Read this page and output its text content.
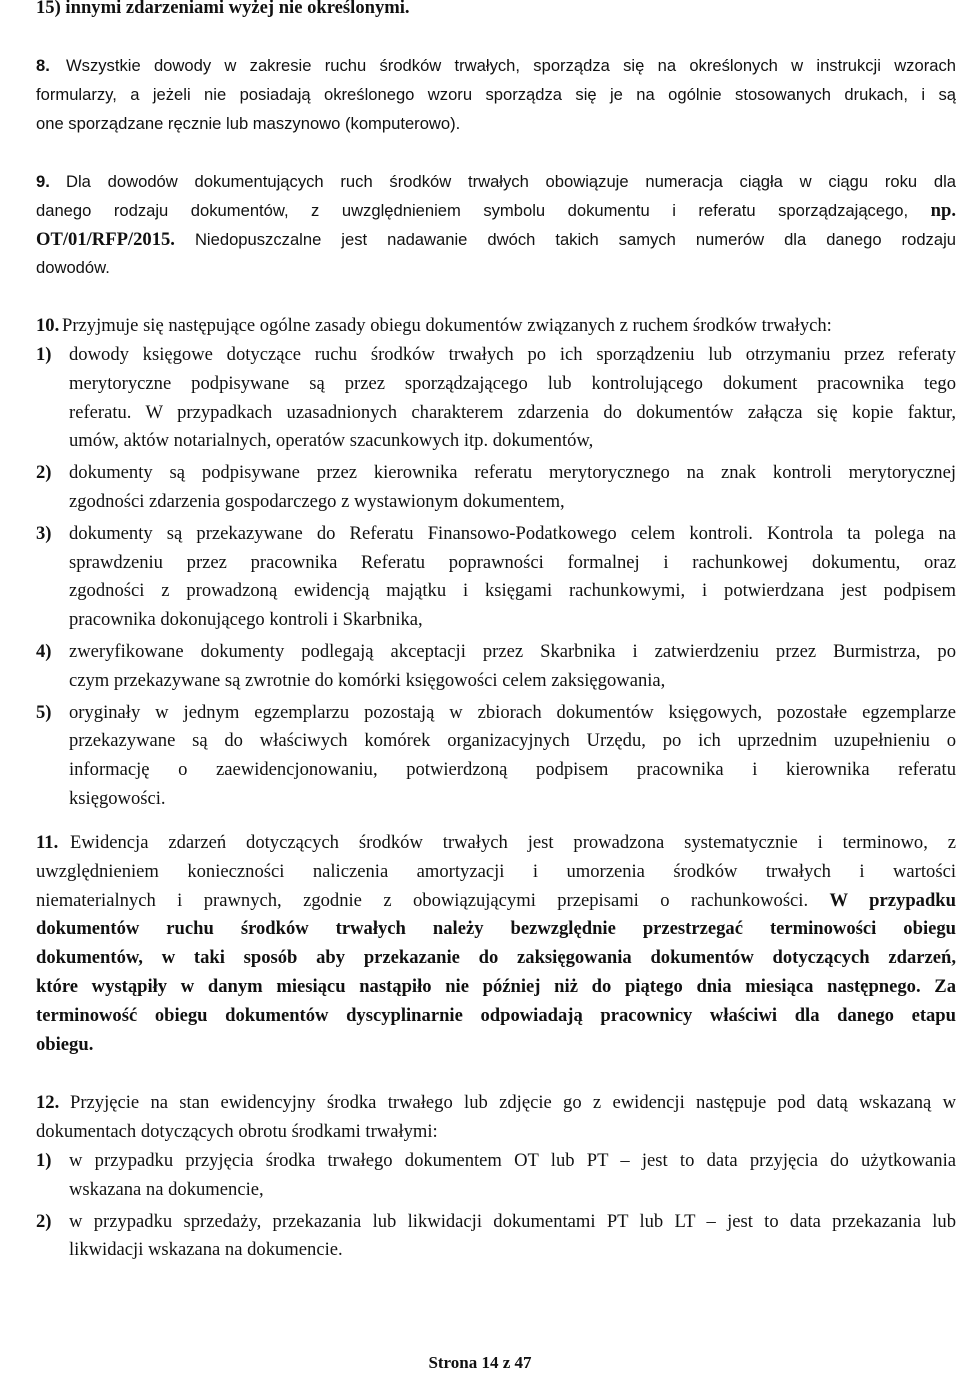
15) innymi zdarzeniami wyżej nie określonymi.
8. Wszystkie dowody w zakresie ruchu środków trwałych, sporządza się na określonych w instrukcji wzorach
formularzy, a jeżeli nie posiadają określonego wzoru sporządza się je na ogólnie stosowanych drukach, i są
one sporządzane ręcznie lub maszynowo (komputerowo).
9. Dla dowodów dokumentujących ruch środków trwałych obowiązuje numeracja ciągła w ciągu roku dla
danego rodzaju dokumentów, z uwzględnieniem symbolu dokumentu i referatu sporządzającego, np.
OT/01/RFP/2015. Niedopuszczalne jest nadawanie dwóch takich samych numerów dla danego rodzaju
dowodów.
10. Przyjmuje się następujące ogólne zasady obiegu dokumentów związanych z ruchem środków trwałych:
1) dowody księgowe dotyczące ruchu środków trwałych po ich sporządzeniu lub otrzymaniu przez referaty
merytoryczne podpisywane są przez sporządzającego lub kontrolującego dokument pracownika tego
referatu. W przypadkach uzasadnionych charakterem zdarzenia do dokumentów załącza się kopie faktur,
umów, aktów notarialnych, operatów szacunkowych itp. dokumentów,
2) dokumenty są podpisywane przez kierownika referatu merytorycznego na znak kontroli merytorycznej
zgodności zdarzenia gospodarczego z wystawionym dokumentem,
3) dokumenty są przekazywane do Referatu Finansowo-Podatkowego celem kontroli. Kontrola ta polega na
sprawdzeniu przez pracownika Referatu poprawności formalnej i rachunkowej dokumentu, oraz
zgodności z prowadzoną ewidencją majątku i księgami rachunkowymi, i potwierdzana jest podpisem
pracownika dokonującego kontroli i Skarbnika,
4) zweryfikowane dokumenty podlegają akceptacji przez Skarbnika i zatwierdzeniu przez Burmistrza, po
czym przekazywane są zwrotnie do komórki księgowości celem zaksięgowania,
5) oryginały w jednym egzemplarzu pozostają w zbiorach dokumentów księgowych, pozostałe egzemplarze
przekazywane są do właściwych komórek organizacyjnych Urzędu, po ich uprzednim uzupełnieniu o
informację o zaewidencjonowaniu, potwierdzoną podpisem pracownika i kierownika referatu
księgowości.
11. Ewidencja zdarzeń dotyczących środków trwałych jest prowadzona systematycznie i terminowo, z
uwzględnieniem konieczności naliczenia amortyzacji i umorzenia środków trwałych i wartości
niematerialnych i prawnych, zgodnie z obowiązującymi przepisami o rachunkowości. W przypadku
dokumentów ruchu środków trwałych należy bezwzględnie przestrzegać terminowości obiegu
dokumentów, w taki sposób aby przekazanie do zaksięgowania dokumentów dotyczących zdarzeń,
które wystąpiły w danym miesiącu nastąpiło nie później niż do piątego dnia miesiąca następnego. Za
terminowość obiegu dokumentów dyscyplinarnie odpowiadają pracownicy właściwi dla danego etapu
obiegu.
12. Przyjęcie na stan ewidencyjny środka trwałego lub zdjęcie go z ewidencji następuje pod datą wskazaną w
dokumentach dotyczących obrotu środkami trwałymi:
1) w przypadku przyjęcia środka trwałego dokumentem OT lub PT – jest to data przyjęcia do użytkowania
wskazana na dokumencie,
2) w przypadku sprzedaży, przekazania lub likwidacji dokumentami PT lub LT – jest to data przekazania lub
likwidacji wskazana na dokumencie.
Strona 14 z 47
